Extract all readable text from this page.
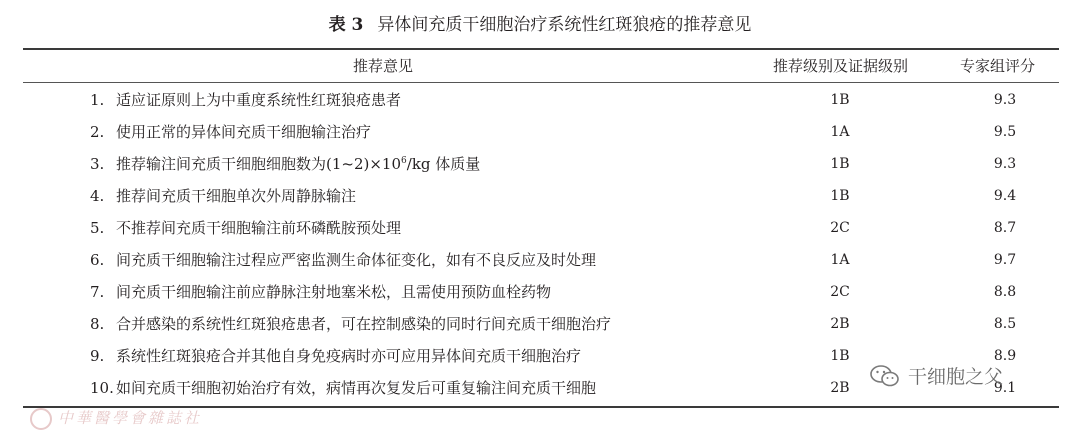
表 3 异体间充质干细胞治疗系统性红斑狼疮的推荐意见
推荐意见	推荐级别及证据级别	专家组评分
1. 适应证原则上为中重度系统性红斑狼疮患者	1B	9.3
2. 使用正常的异体间充质干细胞输注治疗	1A	9.5
3. 推荐输注间充质干细胞细胞数为$(1\sim 2)\times 10^6/kg$ 体质量	1B	9.3
4. 推荐间充质干细胞单次外周静脉输注	1B	9.4
5. 不推荐间充质干细胞输注前环磷酰胺预处理	2C	8.7
6. 间充质干细胞输注过程应严密监测生命体征变化，如有不良反应及时处理	1A	9.7
7. 间充质干细胞输注前应静脉注射地塞米松，且需使用预防血栓药物	2C	8.8
8. 合并感染的系统性红斑狼疮患者，可在控制感染的同时行间充质干细胞治疗	2B	8.5
9. 系统性红斑狼疮合并其他自身免疫病时亦可应用异体间充质干细胞治疗	1B	8.9
10. 如间充质干细胞初始治疗有效，病情再次复发后可重复输注间充质干细胞	2B	9.1
中華醫學會雜誌社
干细胞之父
